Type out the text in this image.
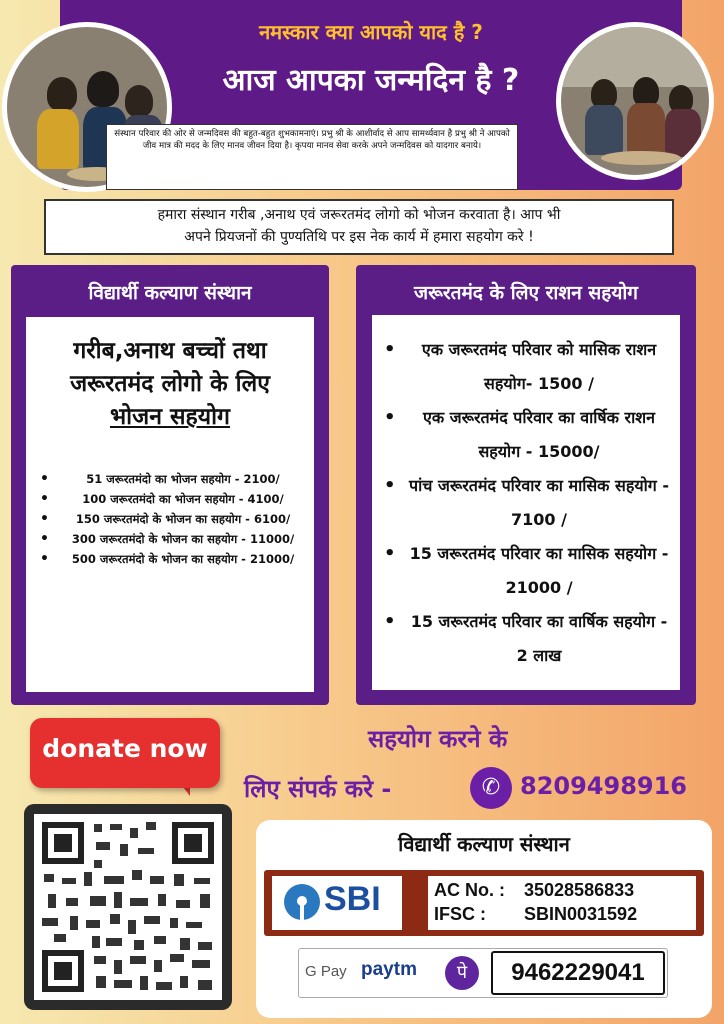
नमस्कार क्या आपको याद है ?
आज आपका जन्मदिन है ?
संस्थान परिवार की ओर से जन्मदिवस की बहुत-बहुत शुभकामनाएं। प्रभु श्री के आशीर्वाद से आप सामर्थ्यवान है प्रभु श्री ने आपको जीव मात्र की मदद के लिए मानव जीवन दिया है। कृपया मानव सेवा करके अपने जन्मदिवस को यादगार बनाये।
हमारा संस्थान गरीब ,अनाथ एवं जरूरतमंद लोगो को भोजन करवाता है। आप भी
अपने प्रियजनों की पुण्यतिथि पर इस नेक कार्य में हमारा सहयोग करे !
विद्यार्थी कल्याण संस्थान
गरीब,अनाथ बच्चों तथा
जरूरतमंद लोगो के लिए
भोजन सहयोग
• 51 जरूरतमंदो का भोजन सहयोग - 2100/
• 100 जरूरतमंदो का भोजन सहयोग - 4100/
• 150 जरूरतमंदो के भोजन का सहयोग - 6100/
• 300 जरूरतमंदो के भोजन का सहयोग - 11000/
• 500 जरूरतमंदो के भोजन का सहयोग - 21000/
जरूरतमंद के लिए राशन सहयोग
• एक जरूरतमंद परिवार को मासिक राशन सहयोग- 1500 /
• एक जरूरतमंद परिवार का वार्षिक राशन सहयोग - 15000/
• पांच जरूरतमंद परिवार का मासिक सहयोग - 7100 /
• 15 जरूरतमंद परिवार का मासिक सहयोग - 21000 /
• 15 जरूरतमंद परिवार का वार्षिक सहयोग - 2 लाख
donate now	सहयोग करने के
लिए संपर्क करे -	✆ 8209498916
विद्यार्थी कल्याण संस्थान
SBI	AC No. : 35028586833
IFSC : SBIN0031592
G Pay paytm	पे	9462229041
